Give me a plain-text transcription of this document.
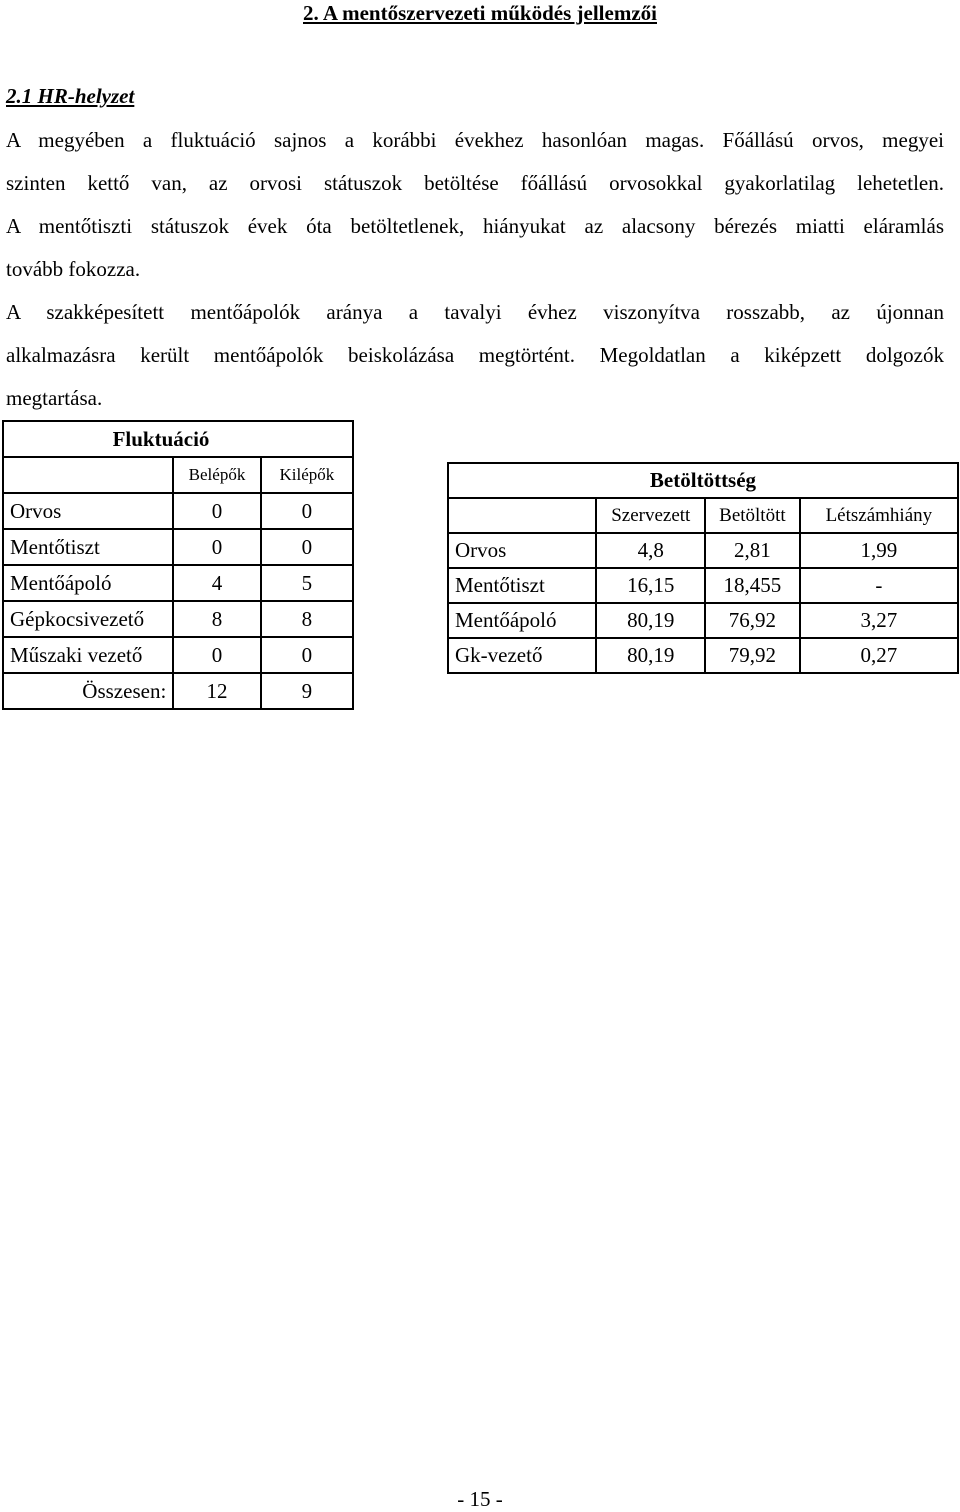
2. A mentőszervezeti működés jellemzői
2.1 HR-helyzet
A megyében a fluktuáció sajnos a korábbi évekhez hasonlóan magas. Főállású orvos, megyei
szinten kettő van, az orvosi státuszok betöltése főállású orvosokkal gyakorlatilag lehetetlen.
A mentőtiszti státuszok évek óta betöltetlenek, hiányukat az alacsony bérezés miatti eláramlás
tovább fokozza.
A szakképesített mentőápolók aránya a tavalyi évhez viszonyítva rosszabb, az újonnan
alkalmazásra került mentőápolók beiskolázása megtörtént. Megoldatlan a kiképzett dolgozók
megtartása.
Fluktuáció		
	Belépők	Kilépők
Orvos	0	0
Mentőtiszt	0	0
Mentőápoló	4	5
Gépkocsivezető	8	8
Műszaki vezető	0	0
Összesen:	12	9
Betöltöttség			
	Szervezett	Betöltött	Létszámhiány
Orvos	4,8	2,81	1,99
Mentőtiszt	16,15	18,455	-
Mentőápoló	80,19	76,92	3,27
Gk-vezető	80,19	79,92	0,27
- 15 -
